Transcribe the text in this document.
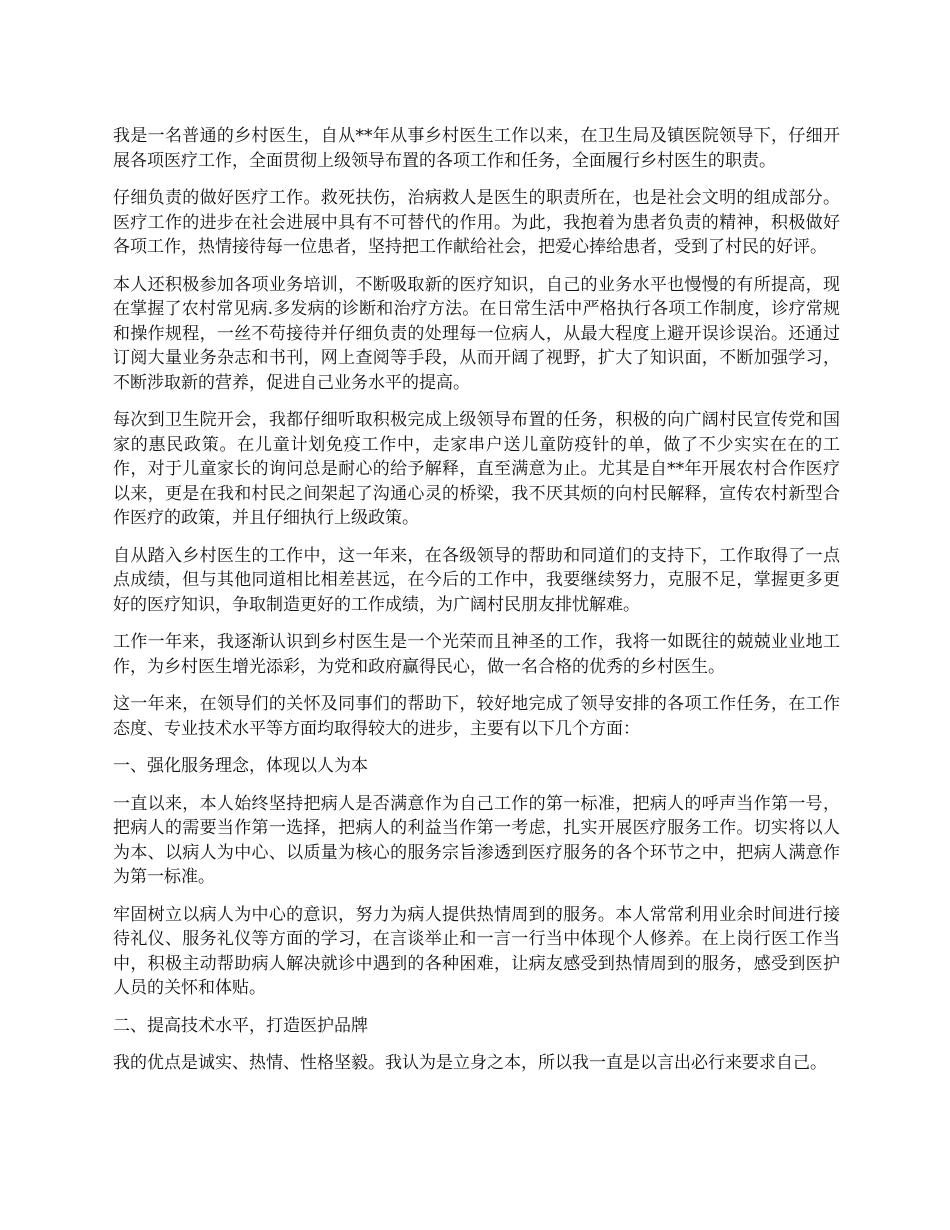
我是一名普通的乡村医生，自从**年从事乡村医生工作以来，在卫生局及镇医院领导下，仔细开展各项医疗工作，全面贯彻上级领导布置的各项工作和任务，全面履行乡村医生的职责。

仔细负责的做好医疗工作。救死扶伤，治病救人是医生的职责所在，也是社会文明的组成部分。医疗工作的进步在社会进展中具有不可替代的作用。为此，我抱着为患者负责的精神，积极做好各项工作，热情接待每一位患者，坚持把工作献给社会，把爱心捧给患者，受到了村民的好评。

本人还积极参加各项业务培训，不断吸取新的医疗知识，自己的业务水平也慢慢的有所提高，现在掌握了农村常见病.多发病的诊断和治疗方法。在日常生活中严格执行各项工作制度，诊疗常规和操作规程，一丝不苟接待并仔细负责的处理每一位病人，从最大程度上避开误诊误治。还通过订阅大量业务杂志和书刊，网上查阅等手段，从而开阔了视野，扩大了知识面，不断加强学习，不断涉取新的营养，促进自己业务水平的提高。

每次到卫生院开会，我都仔细听取积极完成上级领导布置的任务，积极的向广阔村民宣传党和国家的惠民政策。在儿童计划免疫工作中，走家串户送儿童防疫针的单，做了不少实实在在的工作，对于儿童家长的询问总是耐心的给予解释，直至满意为止。尤其是自**年开展农村合作医疗以来，更是在我和村民之间架起了沟通心灵的桥梁，我不厌其烦的向村民解释，宣传农村新型合作医疗的政策，并且仔细执行上级政策。

自从踏入乡村医生的工作中，这一年来，在各级领导的帮助和同道们的支持下，工作取得了一点点成绩，但与其他同道相比相差甚远，在今后的工作中，我要继续努力，克服不足，掌握更多更好的医疗知识，争取制造更好的工作成绩，为广阔村民朋友排忧解难。

工作一年来，我逐渐认识到乡村医生是一个光荣而且神圣的工作，我将一如既往的兢兢业业地工作，为乡村医生增光添彩，为党和政府赢得民心，做一名合格的优秀的乡村医生。

这一年来，在领导们的关怀及同事们的帮助下，较好地完成了领导安排的各项工作任务，在工作态度、专业技术水平等方面均取得较大的进步，主要有以下几个方面：

一、强化服务理念，体现以人为本

一直以来，本人始终坚持把病人是否满意作为自己工作的第一标准，把病人的呼声当作第一号，把病人的需要当作第一选择，把病人的利益当作第一考虑，扎实开展医疗服务工作。切实将以人为本、以病人为中心、以质量为核心的服务宗旨渗透到医疗服务的各个环节之中，把病人满意作为第一标准。

牢固树立以病人为中心的意识，努力为病人提供热情周到的服务。本人常常利用业余时间进行接待礼仪、服务礼仪等方面的学习，在言谈举止和一言一行当中体现个人修养。在上岗行医工作当中，积极主动帮助病人解决就诊中遇到的各种困难，让病友感受到热情周到的服务，感受到医护人员的关怀和体贴。

二、提高技术水平，打造医护品牌

我的优点是诚实、热情、性格坚毅。我认为是立身之本，所以我一直是以言出必行来要求自己。
